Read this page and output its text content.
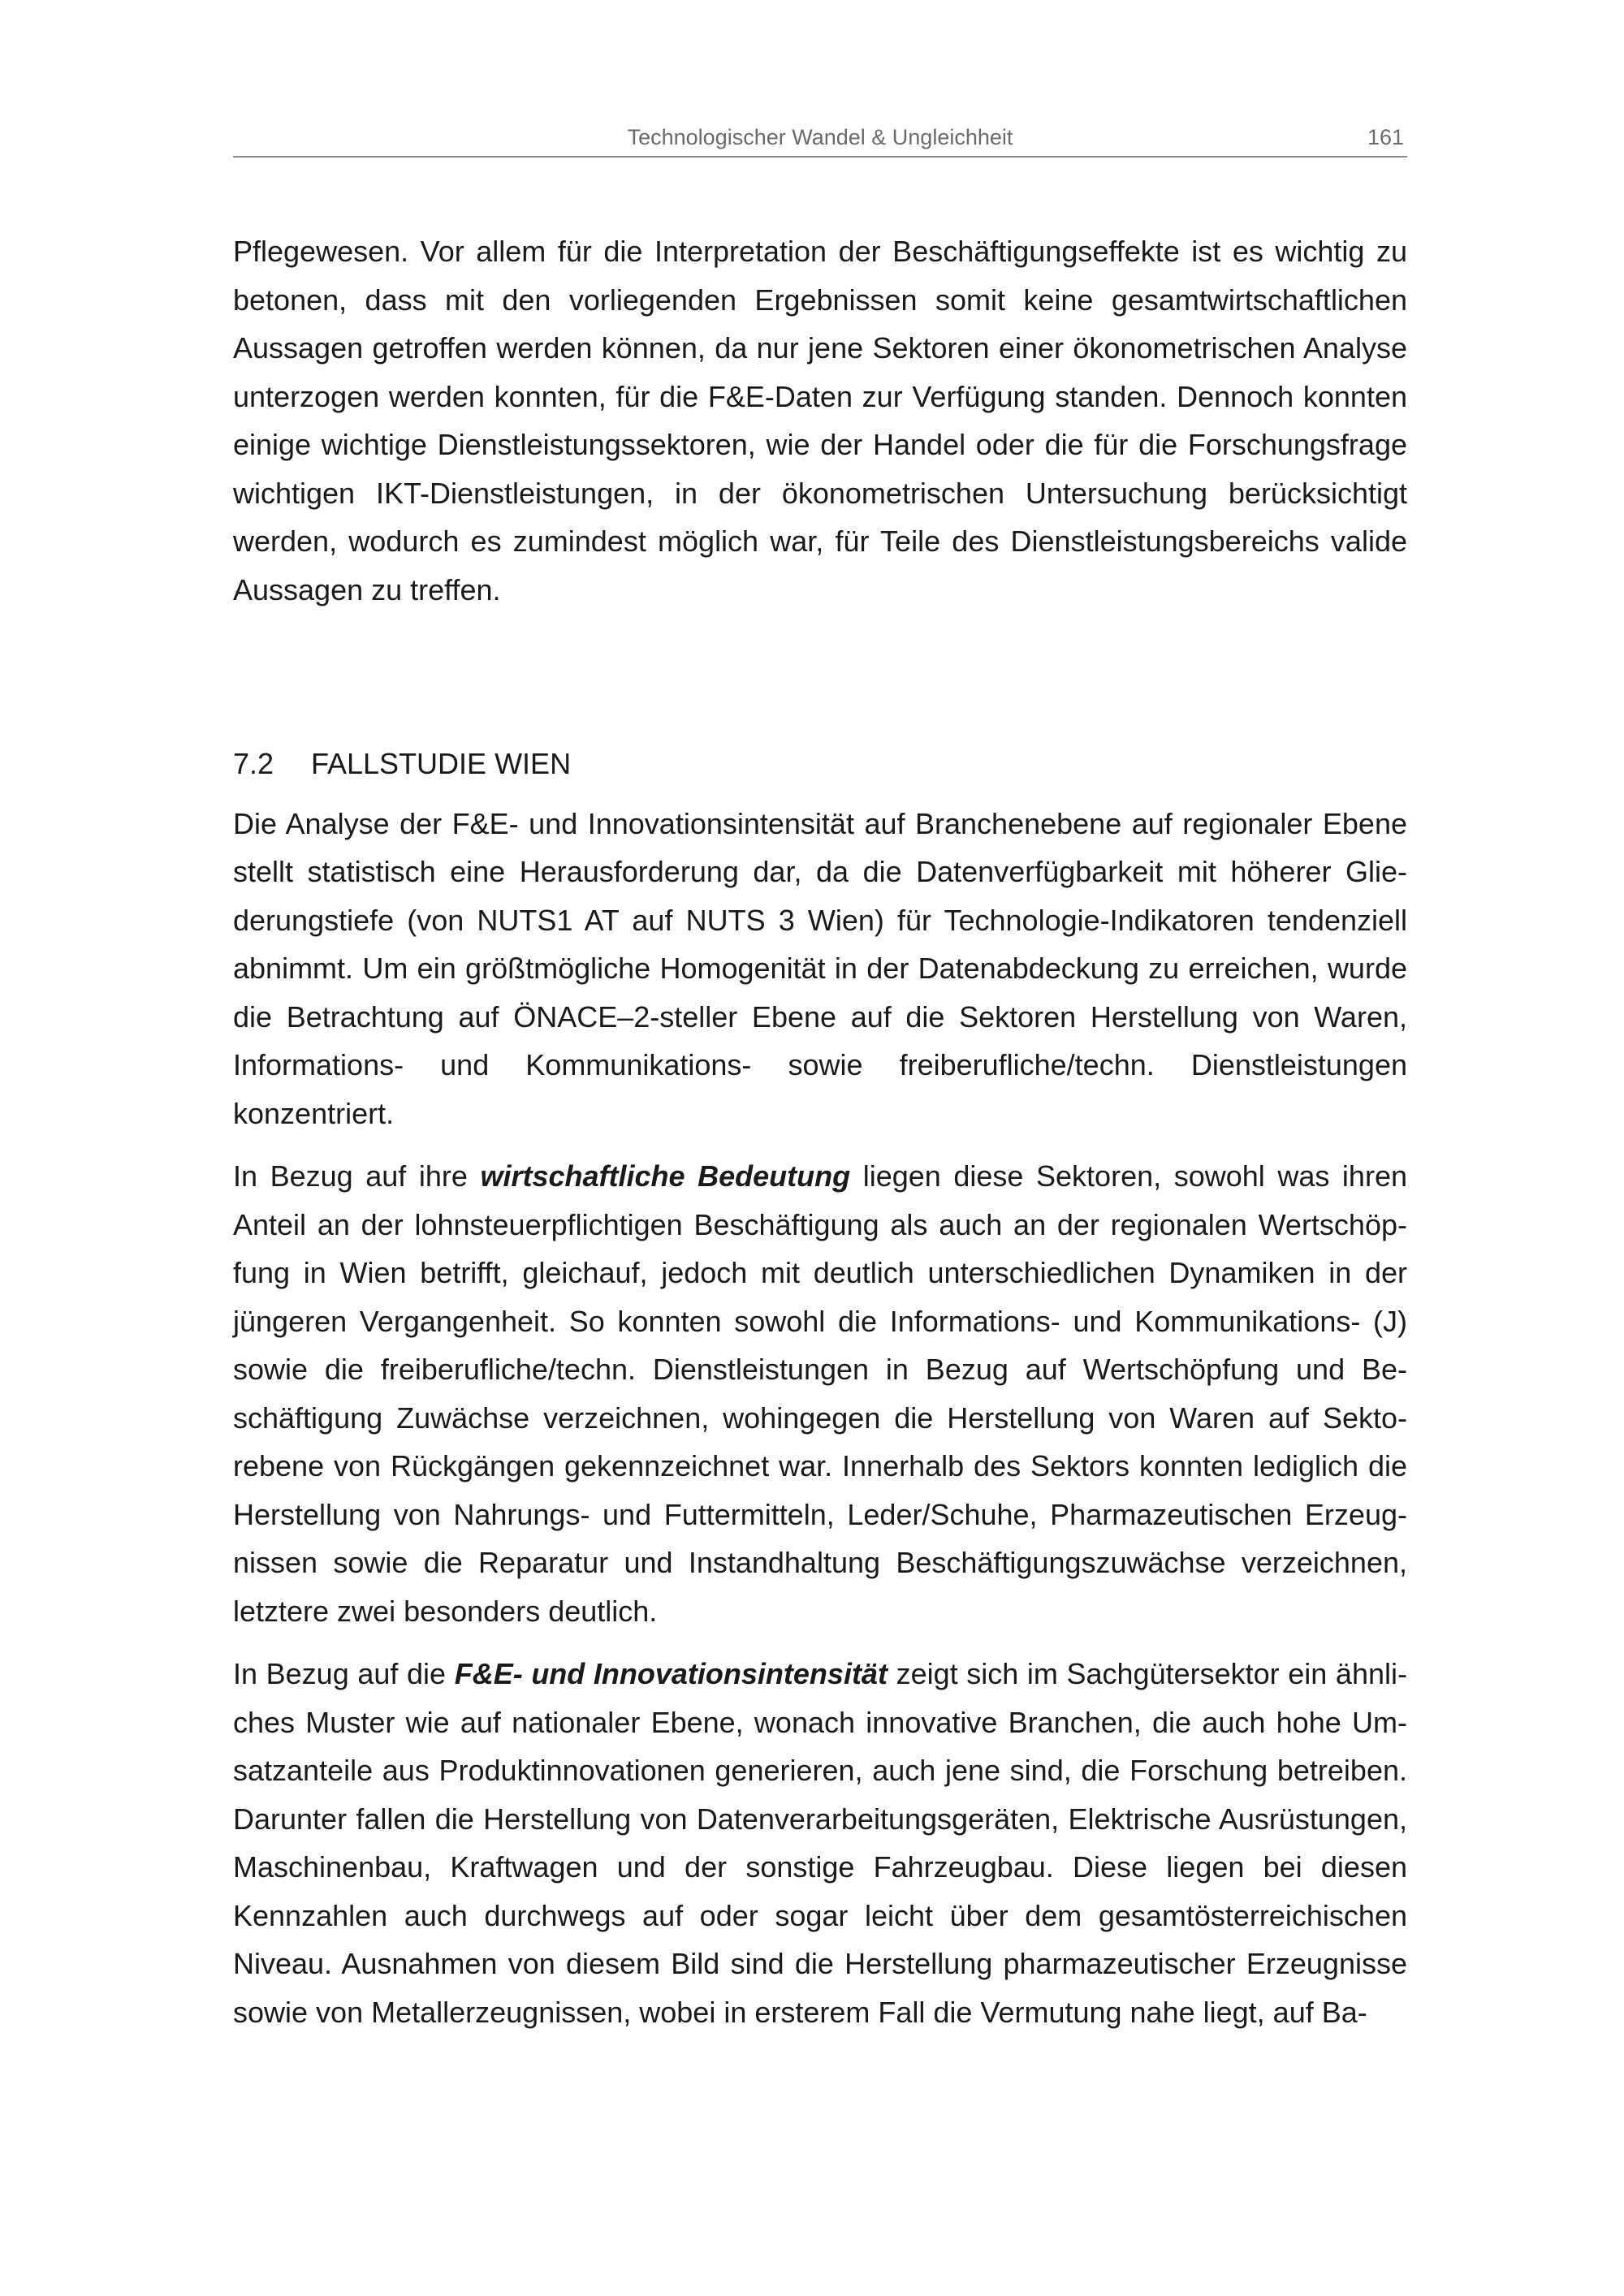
Technologischer Wandel & Ungleichheit	161

Pflegewesen. Vor allem für die Interpretation der Beschäftigungseffekte ist es wichtig zu betonen, dass mit den vorliegenden Ergebnissen somit keine gesamtwirtschaftlichen Aussagen getroffen werden können, da nur jene Sektoren einer ökonometrischen Analyse unterzogen werden konnten, für die F&E-Daten zur Verfügung standen. Dennoch konnten einige wichtige Dienstleistungssektoren, wie der Handel oder die für die Forschungsfrage wichtigen IKT-Dienstleistungen, in der ökonometrischen Untersuchung berücksichtigt werden, wodurch es zumindest möglich war, für Teile des Dienstleistungsbereichs valide Aussagen zu treffen.

7.2 FALLSTUDIE WIEN

Die Analyse der F&E- und Innovationsintensität auf Branchenebene auf regionaler Ebene stellt statistisch eine Herausforderung dar, da die Datenverfügbarkeit mit höherer Gliederungstiefe (von NUTS1 AT auf NUTS 3 Wien) für Technologie-Indikatoren tendenziell abnimmt. Um ein größtmögliche Homogenität in der Datenabdeckung zu erreichen, wurde die Betrachtung auf ÖNACE–2-steller Ebene auf die Sektoren Herstellung von Waren, Informations- und Kommunikations- sowie freiberufliche/techn. Dienstleistungen konzentriert.

In Bezug auf ihre wirtschaftliche Bedeutung liegen diese Sektoren, sowohl was ihren Anteil an der lohnsteuerpflichtigen Beschäftigung als auch an der regionalen Wertschöpfung in Wien betrifft, gleichauf, jedoch mit deutlich unterschiedlichen Dynamiken in der jüngeren Vergangenheit. So konnten sowohl die Informations- und Kommunikations- (J) sowie die freiberufliche/techn. Dienstleistungen in Bezug auf Wertschöpfung und Beschäftigung Zuwächse verzeichnen, wohingegen die Herstellung von Waren auf Sektorebene von Rückgängen gekennzeichnet war. Innerhalb des Sektors konnten lediglich die Herstellung von Nahrungs- und Futtermitteln, Leder/Schuhe, Pharmazeutischen Erzeugnissen sowie die Reparatur und Instandhaltung Beschäftigungszuwächse verzeichnen, letztere zwei besonders deutlich.

In Bezug auf die F&E- und Innovationsintensität zeigt sich im Sachgütersektor ein ähnliches Muster wie auf nationaler Ebene, wonach innovative Branchen, die auch hohe Umsatzanteile aus Produktinnovationen generieren, auch jene sind, die Forschung betreiben. Darunter fallen die Herstellung von Datenverarbeitungsgeräten, Elektrische Ausrüstungen, Maschinenbau, Kraftwagen und der sonstige Fahrzeugbau. Diese liegen bei diesen Kennzahlen auch durchwegs auf oder sogar leicht über dem gesamtösterreichischen Niveau. Ausnahmen von diesem Bild sind die Herstellung pharmazeutischer Erzeugnisse sowie von Metallerzeugnissen, wobei in ersterem Fall die Vermutung nahe liegt, auf Ba-
